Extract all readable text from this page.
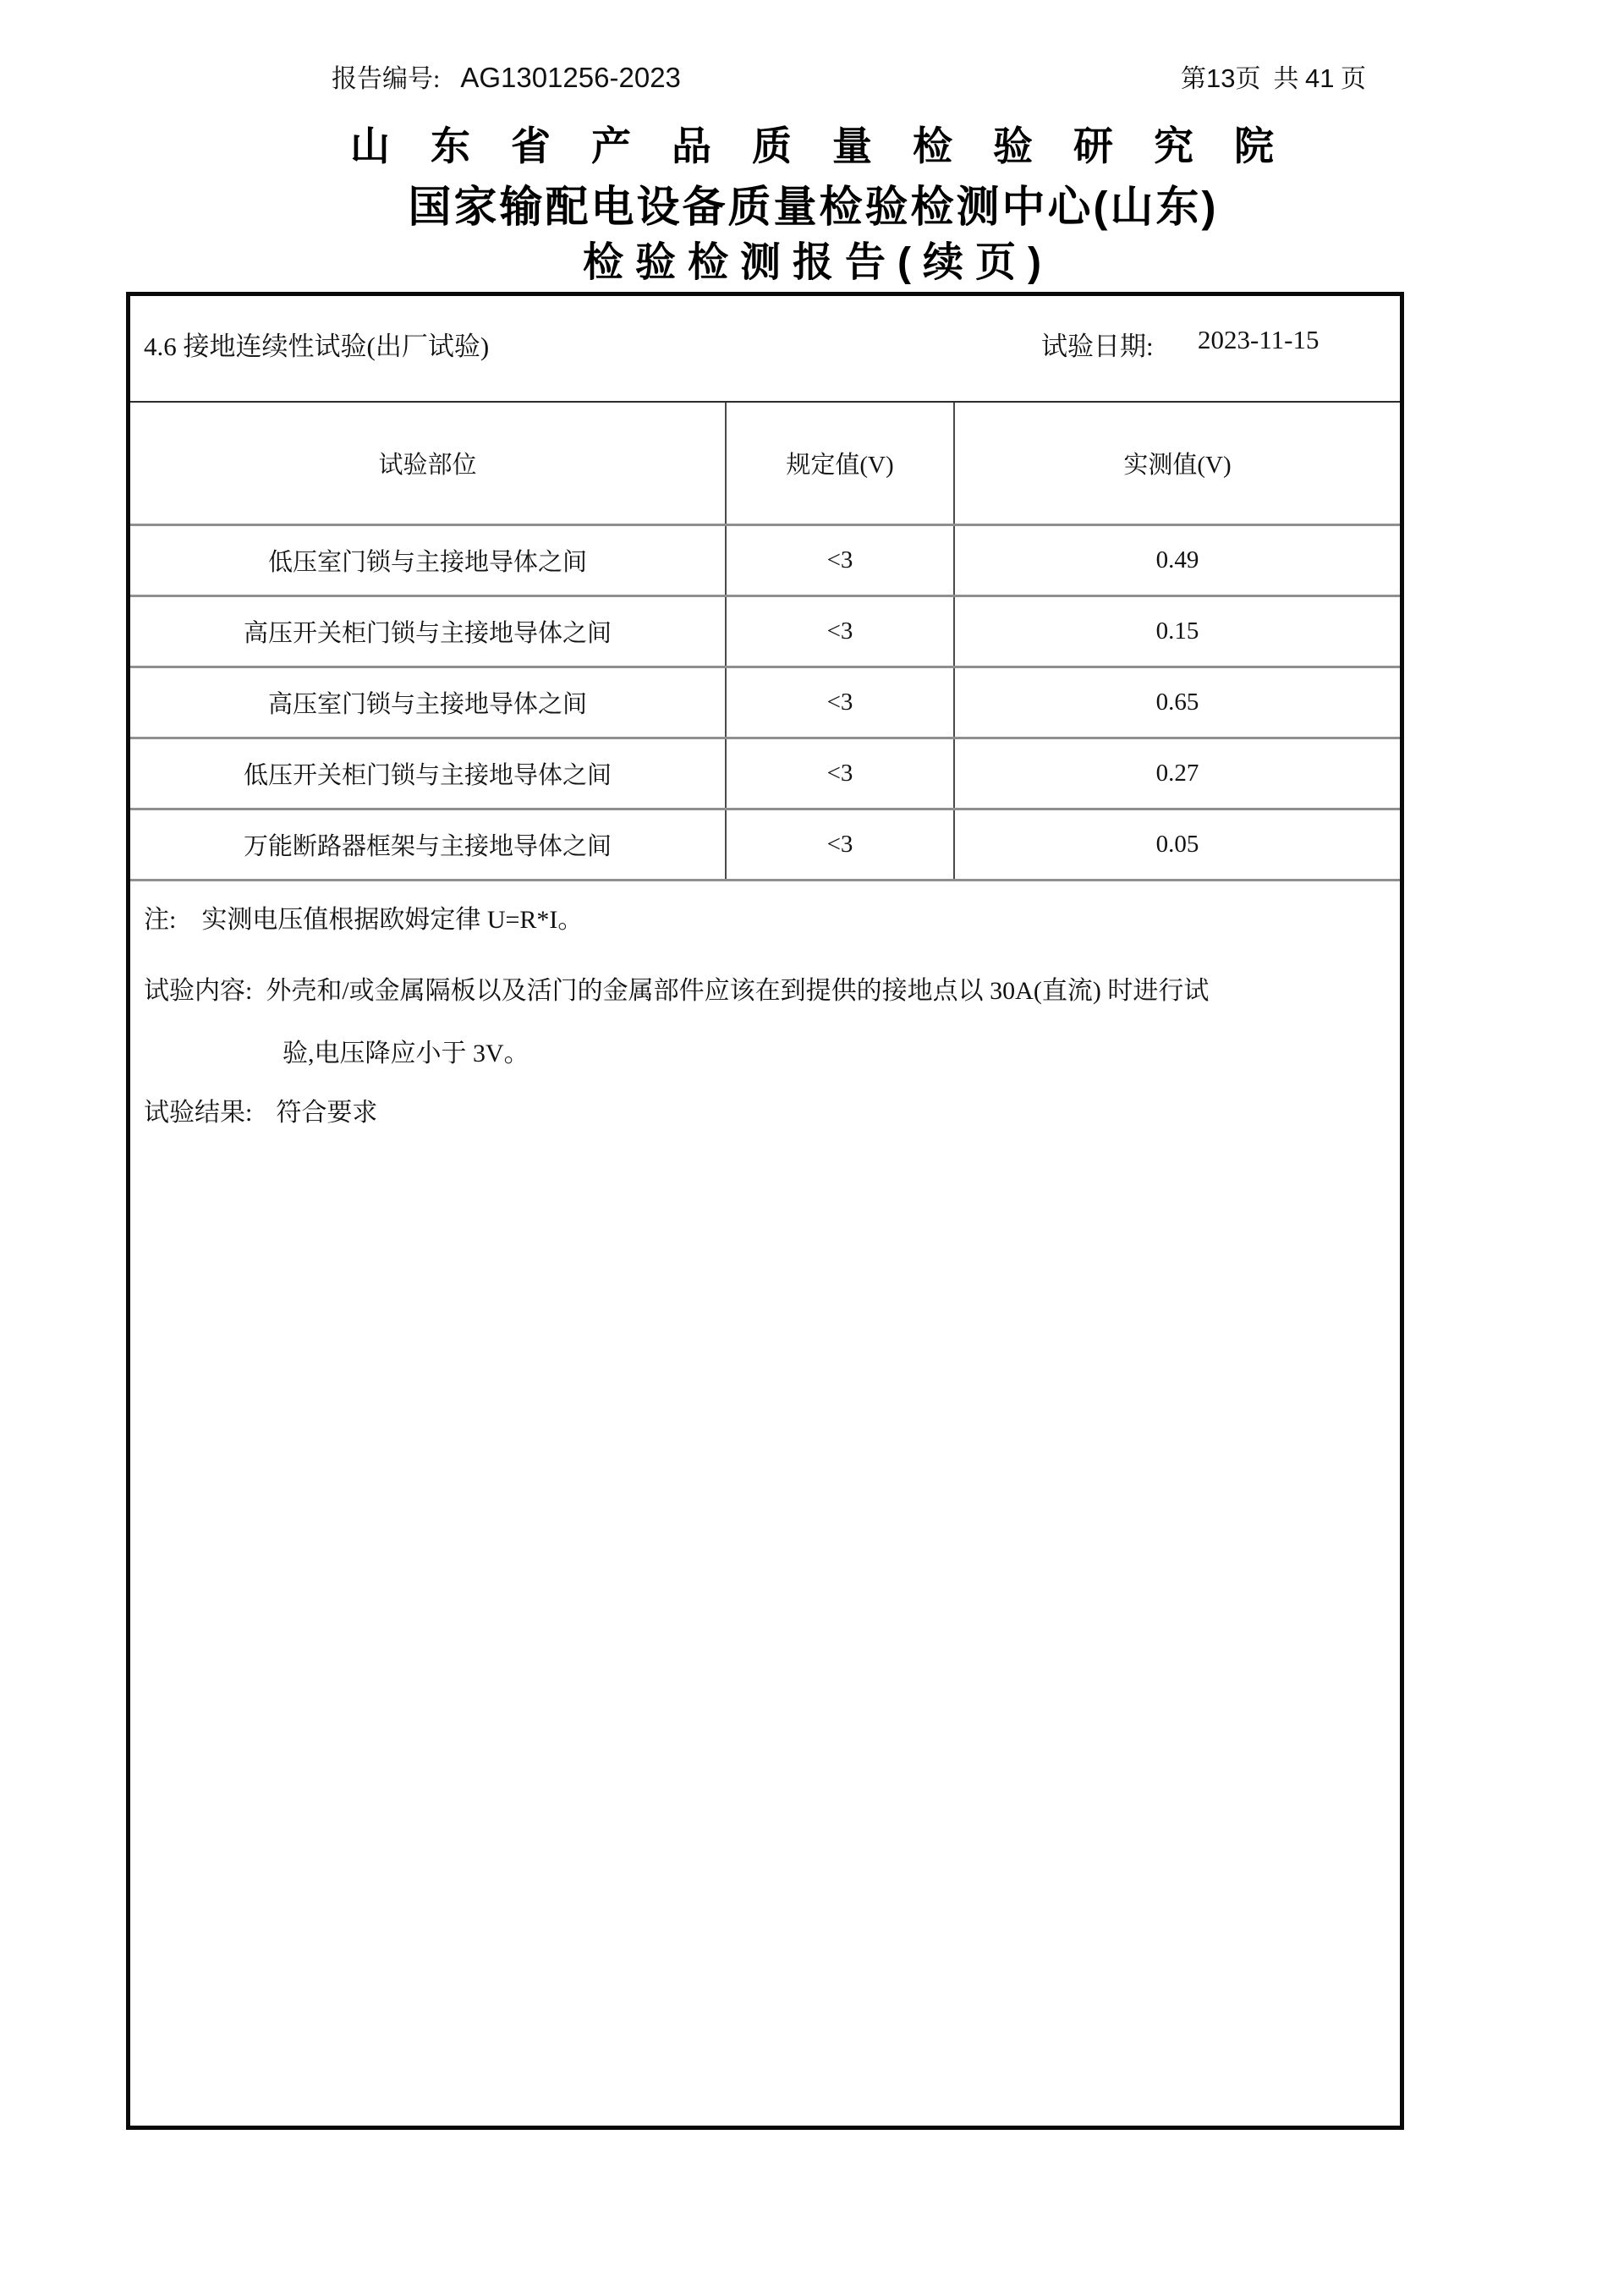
报告编号: AG1301256-2023	第13页  共 41 页
山东省产品质量检验研究院
国家输配电设备质量检验检测中心(山东)
检验检测报告(续页)
4.6 接地连续性试验(出厂试验)	试验日期: 2023-11-15
试验部位	规定值(V)	实测值(V)
低压室门锁与主接地导体之间	<3	0.49
高压开关柜门锁与主接地导体之间	<3	0.15
高压室门锁与主接地导体之间	<3	0.65
低压开关柜门锁与主接地导体之间	<3	0.27
万能断路器框架与主接地导体之间	<3	0.05
注: 实测电压值根据欧姆定律 U=R*I。
试验内容: 外壳和/或金属隔板以及活门的金属部件应该在到提供的接地点以 30A(直流) 时进行试
验,电压降应小于 3V。
试验结果: 符合要求
